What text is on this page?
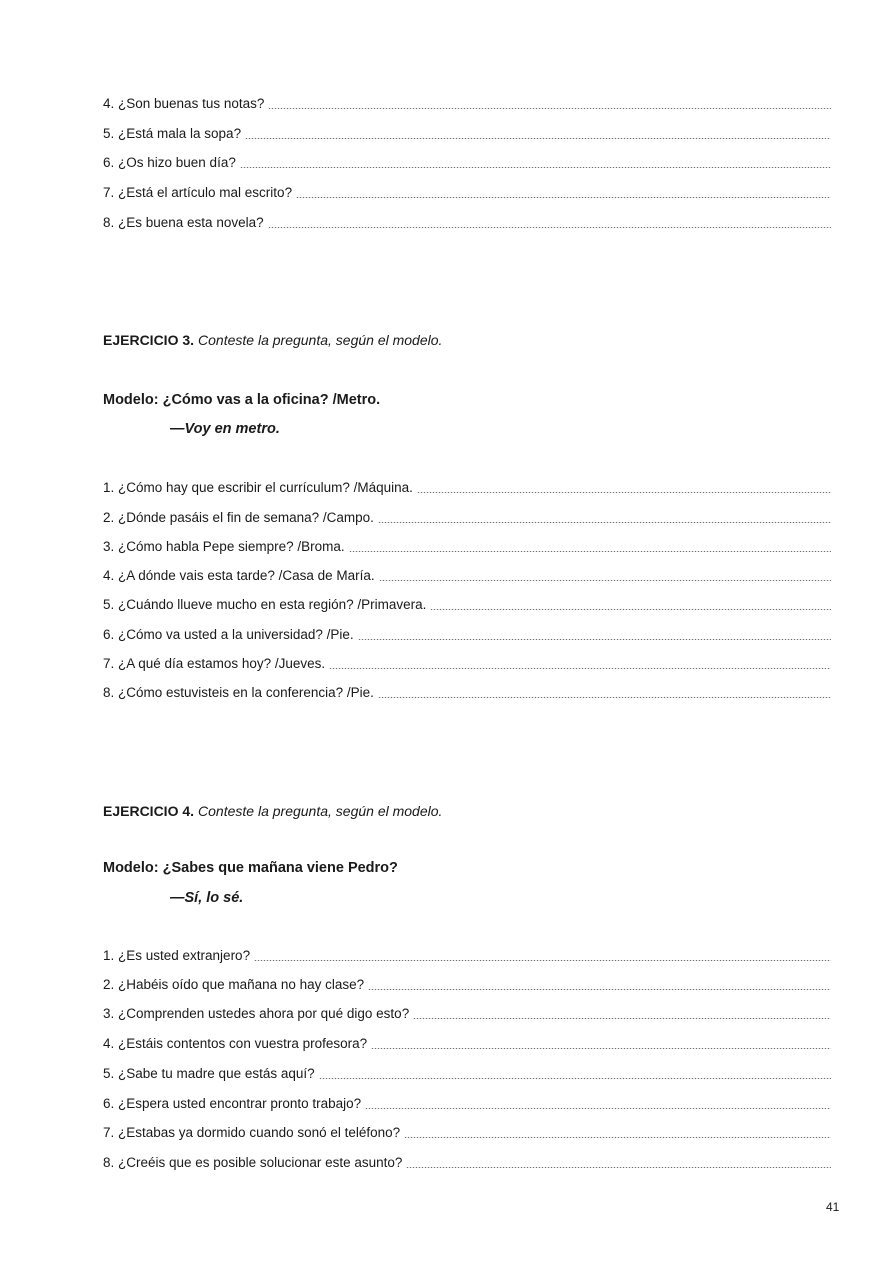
4. ¿Son buenas tus notas?
5. ¿Está mala la sopa?
6. ¿Os hizo buen día?
7. ¿Está el artículo mal escrito?
8. ¿Es buena esta novela?
EJERCICIO 3. Conteste la pregunta, según el modelo.
Modelo: ¿Cómo vas a la oficina? /Metro.
—Voy en metro.
1. ¿Cómo hay que escribir el currículum? /Máquina.
2. ¿Dónde pasáis el fin de semana? /Campo.
3. ¿Cómo habla Pepe siempre? /Broma.
4. ¿A dónde vais esta tarde? /Casa de María.
5. ¿Cuándo llueve mucho en esta región? /Primavera.
6. ¿Cómo va usted a la universidad? /Pie.
7. ¿A qué día estamos hoy? /Jueves.
8. ¿Cómo estuvisteis en la conferencia? /Pie.
EJERCICIO 4. Conteste la pregunta, según el modelo.
Modelo: ¿Sabes que mañana viene Pedro?
—Sí, lo sé.
1. ¿Es usted extranjero?
2. ¿Habéis oído que mañana no hay clase?
3. ¿Comprenden ustedes ahora por qué digo esto?
4. ¿Estáis contentos con vuestra profesora?
5. ¿Sabe tu madre que estás aquí?
6. ¿Espera usted encontrar pronto trabajo?
7. ¿Estabas ya dormido cuando sonó el teléfono?
8. ¿Creéis que es posible solucionar este asunto?
41
